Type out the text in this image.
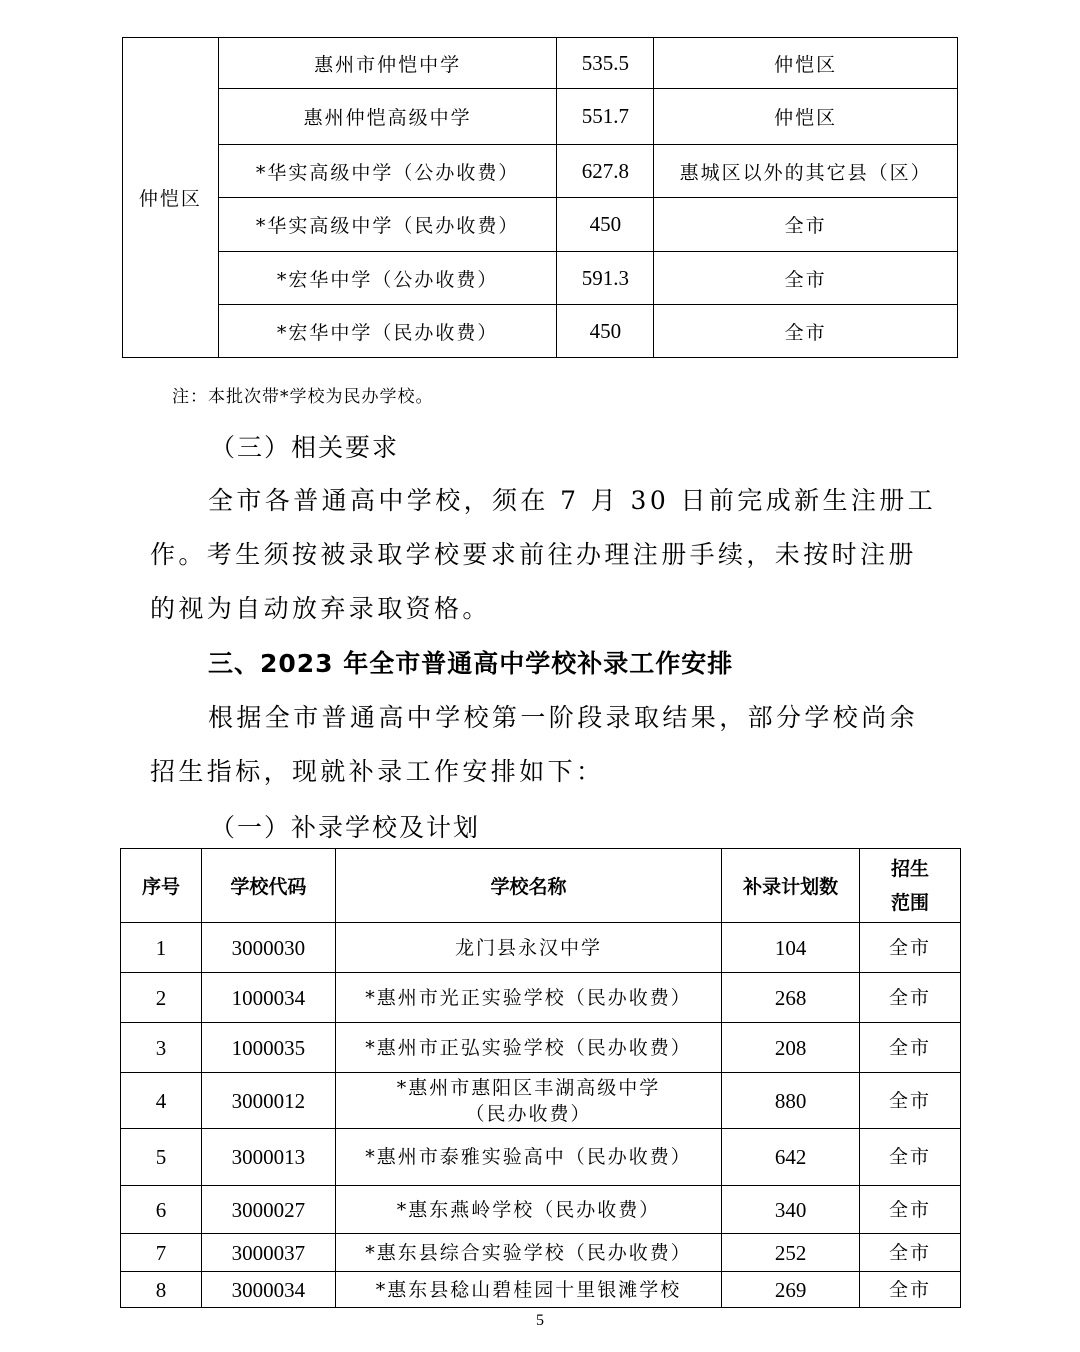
仲恺区	惠州市仲恺中学	535.5	仲恺区
	惠州仲恺高级中学	551.7	仲恺区
	*华实高级中学（公办收费）	627.8	惠城区以外的其它县（区）
	*华实高级中学（民办收费）	450	全市
	*宏华中学（公办收费）	591.3	全市
	*宏华中学（民办收费）	450	全市
注：本批次带*学校为民办学校。
（三）相关要求
全市各普通高中学校，须在 7 月 30 日前完成新生注册工作。考生须按被录取学校要求前往办理注册手续，未按时注册的视为自动放弃录取资格。
三、2023 年全市普通高中学校补录工作安排
根据全市普通高中学校第一阶段录取结果，部分学校尚余招生指标，现就补录工作安排如下：
（一）补录学校及计划
序号	学校代码	学校名称	补录计划数	招生
范围

1	3000030	龙门县永汉中学	104	全市
2	1000034	*惠州市光正实验学校（民办收费）	268	全市
3	1000035	*惠州市正弘实验学校（民办收费）	208	全市
4	3000012	*惠州市惠阳区丰湖高级中学
（民办收费）	880	全市
5	3000013	*惠州市泰雅实验高中（民办收费）	642	全市
6	3000027	*惠东燕岭学校（民办收费）	340	全市
7	3000037	*惠东县综合实验学校（民办收费）	252	全市
8	3000034	*惠东县稔山碧桂园十里银滩学校	269	全市
5
